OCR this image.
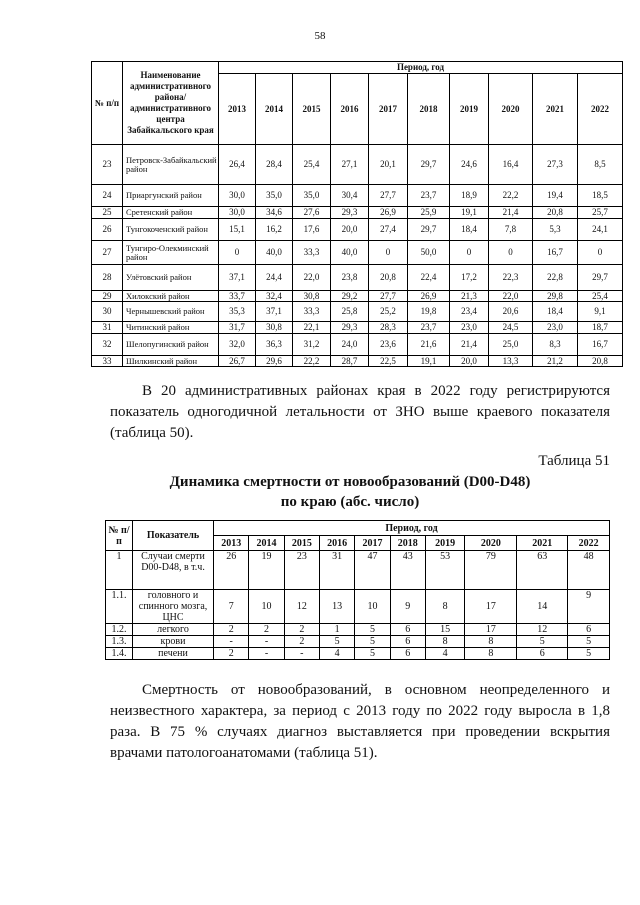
58
№ п/п	Наименование административного района/ административного центра Забайкальского края	Период, год									
		2013	2014	2015	2016	2017	2018	2019	2020	2021	2022
23	Петровск-Забайкальский район	26,4	28,4	25,4	27,1	20,1	29,7	24,6	16,4	27,3	8,5
24	Приаргунский район	30,0	35,0	35,0	30,4	27,7	23,7	18,9	22,2	19,4	18,5
25	Сретенский район	30,0	34,6	27,6	29,3	26,9	25,9	19,1	21,4	20,8	25,7
26	Тунгокоченский район	15,1	16,2	17,6	20,0	27,4	29,7	18,4	7,8	5,3	24,1
27	Тунгиро-Олекминский район	0	40,0	33,3	40,0	0	50,0	0	0	16,7	0
28	Улётовский район	37,1	24,4	22,0	23,8	20,8	22,4	17,2	22,3	22,8	29,7
29	Хилокский район	33,7	32,4	30,8	29,2	27,7	26,9	21,3	22,0	29,8	25,4
30	Чернышевский район	35,3	37,1	33,3	25,8	25,2	19,8	23,4	20,6	18,4	9,1
31	Читинский район	31,7	30,8	22,1	29,3	28,3	23,7	23,0	24,5	23,0	18,7
32	Шелопугинский район	32,0	36,3	31,2	24,0	23,6	21,6	21,4	25,0	8,3	16,7
33	Шилкинский район	26,7	29,6	22,2	28,7	22,5	19,1	20,0	13,3	21,2	20,8
В 20 административных районах края в 2022 году регистрируются
показатель одногодичной летальности от ЗНО выше краевого показателя
(таблица 50).
Таблица 51
Динамика смертности от новообразований (D00-D48)
по краю (абс. число)
№ п/п	Показатель	Период, год									
		2013	2014	2015	2016	2017	2018	2019	2020	2021	2022
1	Случаи смерти D00-D48, в т.ч.	26	19	23	31	47	43	53	79	63	48
1.1.	головного и спинного мозга, ЦНС	7	10	12	13	10	9	8	17	14	9
1.2.	легкого	2	2	2	1	5	6	15	17	12	6
1.3.	крови	-	-	2	5	5	6	8	8	5	5
1.4.	печени	2	-	-	4	5	6	4	8	6	5
Смертность от новообразований, в основном неопределенного и
неизвестного характера, за период с 2013 году по 2022 году выросла в 1,8
раза. В 75 % случаях диагноз выставляется при проведении вскрытия
врачами патологоанатомами (таблица 51).
